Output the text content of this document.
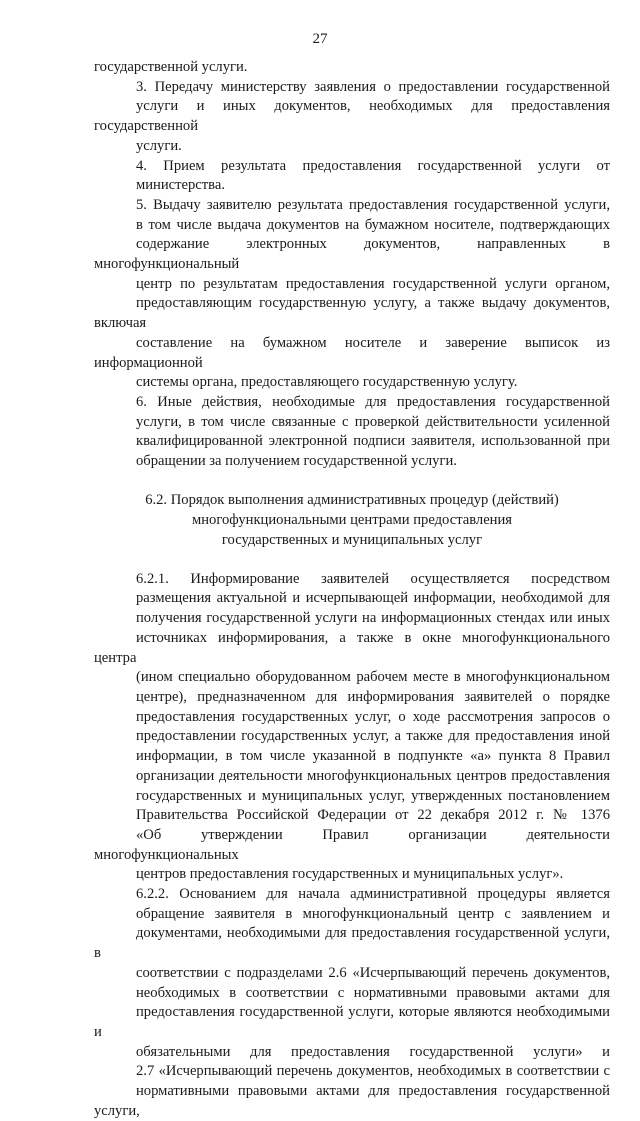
27

государственной услуги.

3. Передачу министерству заявления о предоставлении государственной
услуги и иных документов, необходимых для предоставления государственной
услуги.

4. Прием результата предоставления государственной услуги от
министерства.

5. Выдачу заявителю результата предоставления государственной услуги,
в том числе выдача документов на бумажном носителе, подтверждающих
содержание электронных документов, направленных в многофункциональный
центр по результатам предоставления государственной услуги органом,
предоставляющим государственную услугу, а также выдачу документов, включая
составление на бумажном носителе и заверение выписок из информационной
системы органа, предоставляющего государственную услугу.

6. Иные действия, необходимые для предоставления государственной
услуги, в том числе связанные с проверкой действительности усиленной
квалифицированной электронной подписи заявителя, использованной при
обращении за получением государственной услуги.

6.2. Порядок выполнения административных процедур (действий)
многофункциональными центрами предоставления
государственных и муниципальных услуг

6.2.1. Информирование заявителей осуществляется посредством
размещения актуальной и исчерпывающей информации, необходимой для
получения государственной услуги на информационных стендах или иных
источниках информирования, а также в окне многофункционального центра
(ином специально оборудованном рабочем месте в многофункциональном
центре), предназначенном для информирования заявителей о порядке
предоставления государственных услуг, о ходе рассмотрения запросов о
предоставлении государственных услуг, а также для предоставления иной
информации, в том числе указанной в подпункте «а» пункта 8 Правил
организации деятельности многофункциональных центров предоставления
государственных и муниципальных услуг, утвержденных постановлением
Правительства Российской Федерации от 22 декабря 2012 г. № 1376
«Об утверждении Правил организации деятельности многофункциональных
центров предоставления государственных и муниципальных услуг».

6.2.2. Основанием для начала административной процедуры является
обращение заявителя в многофункциональный центр с заявлением и
документами, необходимыми для предоставления государственной услуги, в
соответствии с подразделами 2.6 «Исчерпывающий перечень документов,
необходимых в соответствии с нормативными правовыми актами для
предоставления государственной услуги, которые являются необходимыми и
обязательными для предоставления государственной услуги» и
2.7 «Исчерпывающий перечень документов, необходимых в соответствии с
нормативными правовыми актами для предоставления государственной услуги,
